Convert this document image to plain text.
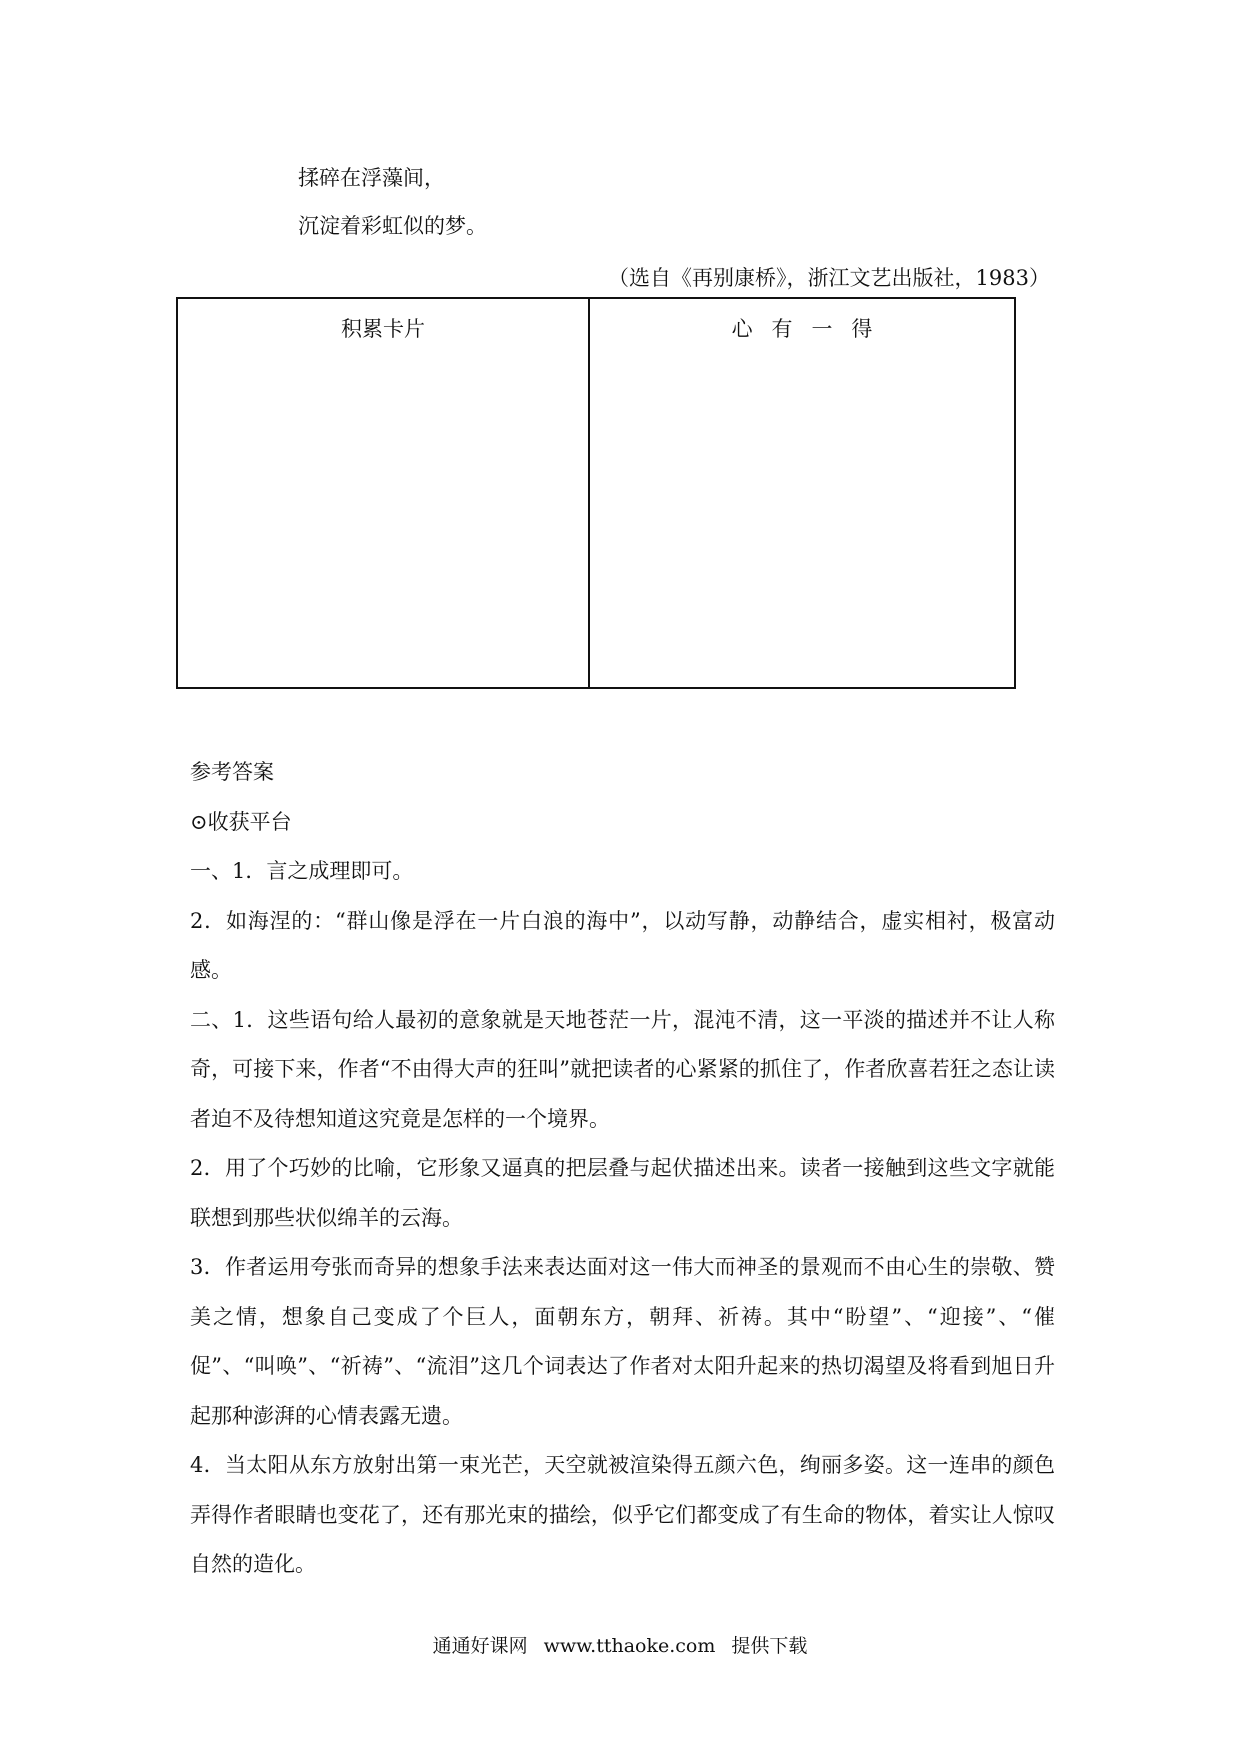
揉碎在浮藻间，
沉淀着彩虹似的梦。
（选自《再别康桥》，浙江文艺出版社，1983）
积累卡片	心有一得

参考答案

⊙收获平台

一、1．言之成理即可。

2．如海涅的：“群山像是浮在一片白浪的海中”，以动写静，动静结合，虚实相衬，极富动感。

二、1．这些语句给人最初的意象就是天地苍茫一片，混沌不清，这一平淡的描述并不让人称奇，可接下来，作者“不由得大声的狂叫”就把读者的心紧紧的抓住了，作者欣喜若狂之态让读者迫不及待想知道这究竟是怎样的一个境界。

2．用了个巧妙的比喻，它形象又逼真的把层叠与起伏描述出来。读者一接触到这些文字就能联想到那些状似绵羊的云海。

3．作者运用夸张而奇异的想象手法来表达面对这一伟大而神圣的景观而不由心生的崇敬、赞美之情，想象自己变成了个巨人，面朝东方，朝拜、祈祷。其中“盼望”、“迎接”、“催促”、“叫唤”、“祈祷”、“流泪”这几个词表达了作者对太阳升起来的热切渴望及将看到旭日升起那种澎湃的心情表露无遗。

4．当太阳从东方放射出第一束光芒，天空就被渲染得五颜六色，绚丽多姿。这一连串的颜色弄得作者眼睛也变花了，还有那光束的描绘，似乎它们都变成了有生命的物体，着实让人惊叹自然的造化。

通通好课网 www.tthaoke.com 提供下载
